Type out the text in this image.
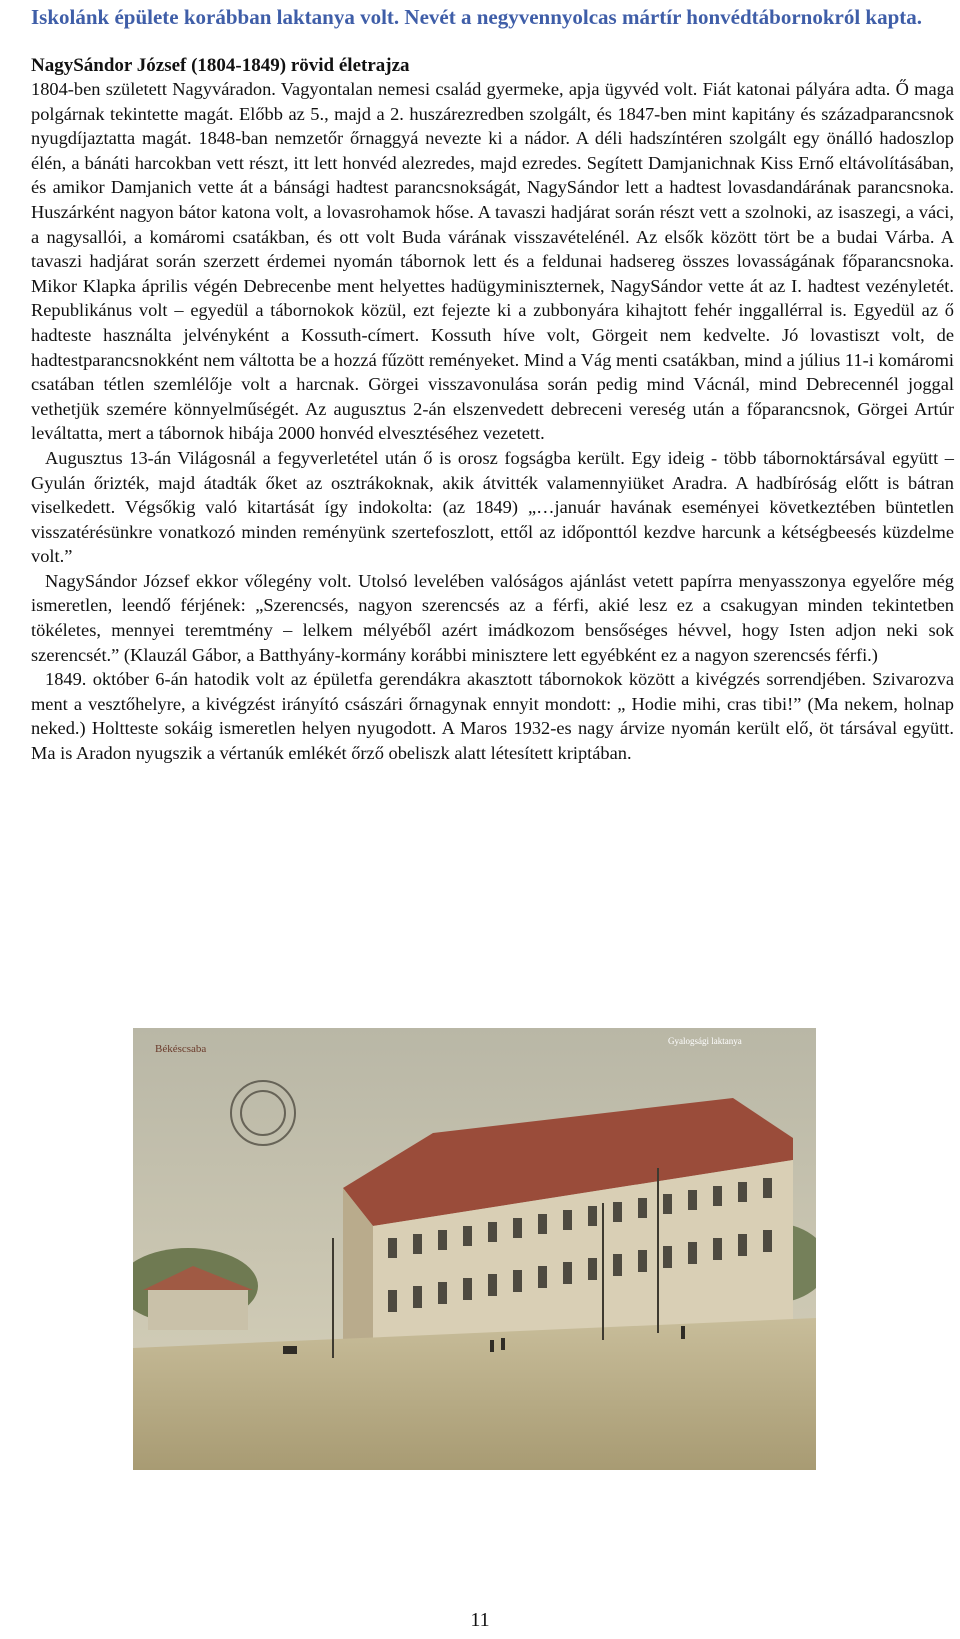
Iskolánk épülete korábban laktanya volt. Nevét a negyvennyolcas mártír honvédtábornokról kapta.

NagySándor József (1804-1849) rövid életrajza

1804-ben született Nagyváradon. Vagyontalan nemesi család gyermeke, apja ügyvéd volt. Fiát katonai pályára adta. Ő maga polgárnak tekintette magát. Előbb az 5., majd a 2. huszárezredben szolgált, és 1847-ben mint kapitány és századparancsnok nyugdíjaztatta magát. 1848-ban nemzetőr őrnaggyá nevezte ki a nádor. A déli hadszíntéren szolgált egy önálló hadoszlop élén, a bánáti harcokban vett részt, itt lett honvéd alezredes, majd ezredes. Segített Damjanichnak Kiss Ernő eltávolításában, és amikor Damjanich vette át a bánsági hadtest parancsnokságát, NagySándor lett a hadtest lovasdandárának parancsnoka. Huszárként nagyon bátor katona volt, a lovasrohamok hőse. A tavaszi hadjárat során részt vett a szolnoki, az isaszegi, a váci, a nagysallói, a komáromi csatákban, és ott volt Buda várának visszavételénél. Az elsők között tört be a budai Várba. A tavaszi hadjárat során szerzett érdemei nyomán tábornok lett és a feldunai hadsereg összes lovasságának főparancsnoka. Mikor Klapka április végén Debrecenbe ment helyettes hadügyminiszternek, NagySándor vette át az I. hadtest vezényletét. Republikánus volt – egyedül a tábornokok közül, ezt fejezte ki a zubbonyára kihajtott fehér inggallérral is. Egyedül az ő hadteste használta jelvényként a Kossuth-címert. Kossuth híve volt, Görgeit nem kedvelte. Jó lovastiszt volt, de hadtestparancsnokként nem váltotta be a hozzá fűzött reményeket. Mind a Vág menti csatákban, mind a július 11-i komáromi csatában tétlen szemlélője volt a harcnak. Görgei visszavonulása során pedig mind Vácnál, mind Debrecennél joggal vethetjük szemére könnyelműségét. Az augusztus 2-án elszenvedett debreceni vereség után a főparancsnok, Görgei Artúr leváltatta, mert a tábornok hibája 2000 honvéd elvesztéséhez vezetett.

Augusztus 13-án Világosnál a fegyverletétel után ő is orosz fogságba került. Egy ideig - több tábornoktársával együtt – Gyulán őrizték, majd átadták őket az osztrákoknak, akik átvitték valamennyiüket Aradra. A hadbíróság előtt is bátran viselkedett. Végsőkig való kitartását így indokolta: (az 1849) „…január havának eseményei következtében büntetlen visszatérésünkre vonatkozó minden reményünk szertefoszlott, ettől az időponttól kezdve harcunk a kétségbeesés küzdelme volt.”

NagySándor József ekkor vőlegény volt. Utolsó levelében valóságos ajánlást vetett papírra menyasszonya egyelőre még ismeretlen, leendő férjének: „Szerencsés, nagyon szerencsés az a férfi, akié lesz ez a csakugyan minden tekintetben tökéletes, mennyei teremtmény – lelkem mélyéből azért imádkozom bensőséges hévvel, hogy Isten adjon neki sok szerencsét.” (Klauzál Gábor, a Batthyány-kormány korábbi minisztere lett egyébként ez a nagyon szerencsés férfi.)

1849. október 6-án hatodik volt az épületfa gerendákra akasztott tábornokok között a kivégzés sorrendjében. Szivarozva ment a vesztőhelyre, a kivégzést irányító császári őrnagynak ennyit mondott: „ Hodie mihi, cras tibi!” (Ma nekem, holnap neked.) Holtteste sokáig ismeretlen helyen nyugodott. A Maros 1932-es nagy árvize nyomán került elő, öt társával együtt. Ma is Aradon nyugszik a vértanúk emlékét őrző obeliszk alatt létesített kriptában.

Békéscsaba
Gyalogsági laktanya
11
